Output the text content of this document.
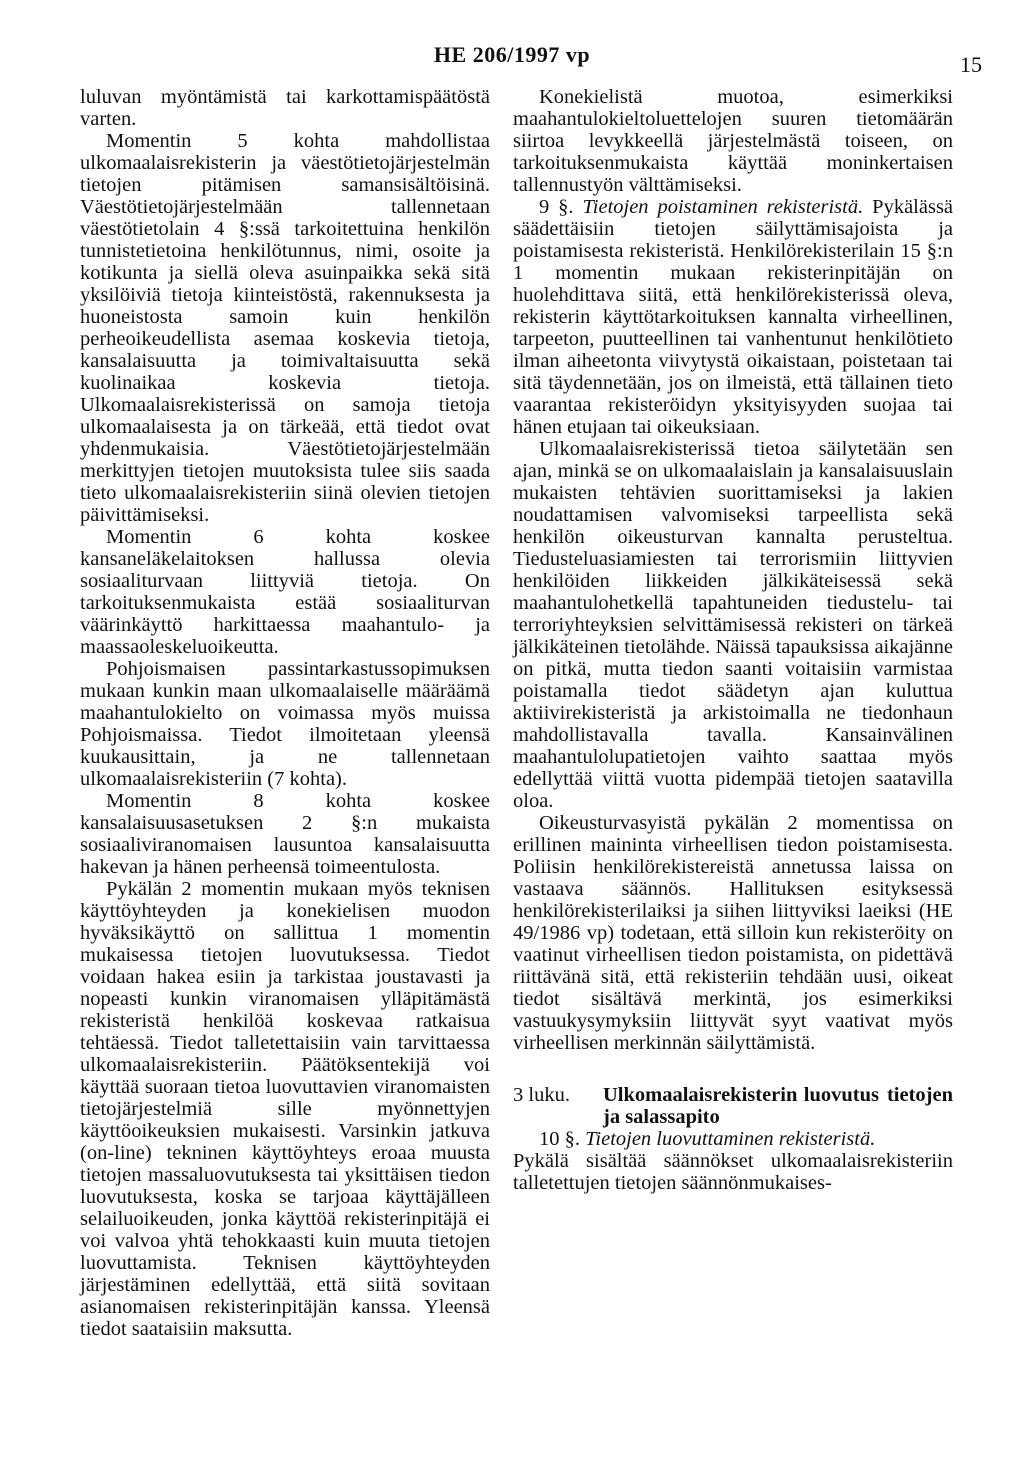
HE 206/1997 vp	15

luluvan myöntämistä tai karkottamispäätöstä varten.

Momentin 5 kohta mahdollistaa ulkomaalaisrekisterin ja väestötietojärjestelmän tietojen pitämisen samansisältöisinä. Väestötietojärjestelmään tallennetaan väestötietolain 4 §:ssä tarkoitettuina henkilön tunnistetietoina henkilötunnus, nimi, osoite ja kotikunta ja siellä oleva asuinpaikka sekä sitä yksilöiviä tietoja kiinteistöstä, rakennuksesta ja huoneistosta samoin kuin henkilön perheoikeudellista asemaa koskevia tietoja, kansalaisuutta ja toimivaltaisuutta sekä kuolinaikaa koskevia tietoja. Ulkomaalaisrekisterissä on samoja tietoja ulkomaalaisesta ja on tärkeää, että tiedot ovat yhdenmukaisia. Väestötietojärjestelmään merkittyjen tietojen muutoksista tulee siis saada tieto ulkomaalaisrekisteriin siinä olevien tietojen päivittämiseksi.

Momentin 6 kohta koskee kansaneläkelaitoksen hallussa olevia sosiaaliturvaan liittyviä tietoja. On tarkoituksenmukaista estää sosiaaliturvan väärinkäyttö harkittaessa maahantulo- ja maassaoleskeluoikeutta.

Pohjoismaisen passintarkastussopimuksen mukaan kunkin maan ulkomaalaiselle määräämä maahantulokielto on voimassa myös muissa Pohjoismaissa. Tiedot ilmoitetaan yleensä kuukausittain, ja ne tallennetaan ulkomaalaisrekisteriin (7 kohta).

Momentin 8 kohta koskee kansalaisuusasetuksen 2 §:n mukaista sosiaaliviranomaisen lausuntoa kansalaisuutta hakevan ja hänen perheensä toimeentulosta.

Pykälän 2 momentin mukaan myös teknisen käyttöyhteyden ja konekielisen muodon hyväksikäyttö on sallittua 1 momentin mukaisessa tietojen luovutuksessa. Tiedot voidaan hakea esiin ja tarkistaa joustavasti ja nopeasti kunkin viranomaisen ylläpitämästä rekisteristä henkilöä koskevaa ratkaisua tehtäessä. Tiedot talletettaisiin vain tarvittaessa ulkomaalaisrekisteriin. Päätöksentekijä voi käyttää suoraan tietoa luovuttavien viranomaisten tietojärjestelmiä sille myönnettyjen käyttöoikeuksien mukaisesti. Varsinkin jatkuva (on-line) tekninen käyttöyhteys eroaa muusta tietojen massaluovutuksesta tai yksittäisen tiedon luovutuksesta, koska se tarjoaa käyttäjälleen selailuoikeuden, jonka käyttöä rekisterinpitäjä ei voi valvoa yhtä tehokkaasti kuin muuta tietojen luovuttamista. Teknisen käyttöyhteyden järjestäminen edellyttää, että siitä sovitaan asianomaisen rekisterinpitäjän kanssa. Yleensä tiedot saataisiin maksutta.

Konekielistä muotoa, esimerkiksi maahantulokieltoluettelojen suuren tietomäärän siirtoa levykkeellä järjestelmästä toiseen, on tarkoituksenmukaista käyttää moninkertaisen tallennustyön välttämiseksi.

9 §. Tietojen poistaminen rekisteristä. Pykälässä säädettäisiin tietojen säilyttämisajoista ja poistamisesta rekisteristä. Henkilörekisterilain 15 §:n 1 momentin mukaan rekisterinpitäjän on huolehdittava siitä, että henkilörekisterissä oleva, rekisterin käyttötarkoituksen kannalta virheellinen, tarpeeton, puutteellinen tai vanhentunut henkilötieto ilman aiheetonta viivytystä oikaistaan, poistetaan tai sitä täydennetään, jos on ilmeistä, että tällainen tieto vaarantaa rekisteröidyn yksityisyyden suojaa tai hänen etujaan tai oikeuksiaan.

Ulkomaalaisrekisterissä tietoa säilytetään sen ajan, minkä se on ulkomaalaislain ja kansalaisuuslain mukaisten tehtävien suorittamiseksi ja lakien noudattamisen valvomiseksi tarpeellista sekä henkilön oikeusturvan kannalta perusteltua. Tiedusteluasiamiesten tai terrorismiin liittyvien henkilöiden liikkeiden jälkikäteisessä sekä maahantulohetkellä tapahtuneiden tiedustelu- tai terroriyhteyksien selvittämisessä rekisteri on tärkeä jälkikäteinen tietolähde. Näissä tapauksissa aikajänne on pitkä, mutta tiedon saanti voitaisiin varmistaa poistamalla tiedot säädetyn ajan kuluttua aktiivirekisteristä ja arkistoimalla ne tiedonhaun mahdollistavalla tavalla. Kansainvälinen maahantulolupatietojen vaihto saattaa myös edellyttää viittä vuotta pidempää tietojen saatavilla oloa.

Oikeusturvasyistä pykälän 2 momentissa on erillinen maininta virheellisen tiedon poistamisesta. Poliisin henkilörekistereistä annetussa laissa on vastaava säännös. Hallituksen esityksessä henkilörekisterilaiksi ja siihen liittyviksi laeiksi (HE 49/1986 vp) todetaan, että silloin kun rekisteröity on vaatinut virheellisen tiedon poistamista, on pidettävä riittävänä sitä, että rekisteriin tehdään uusi, oikeat tiedot sisältävä merkintä, jos esimerkiksi vastuukysymyksiin liittyvät syyt vaativat myös virheellisen merkinnän säilyttämistä.

3 luku.	Ulkomaalaisrekisterin luovutus ja salassapito
tietojen

10 §. Tietojen luovuttaminen rekisteristä.

Pykälä sisältää säännökset ulkomaalaisrekisteriin talletettujen tietojen säännönmukaises-
